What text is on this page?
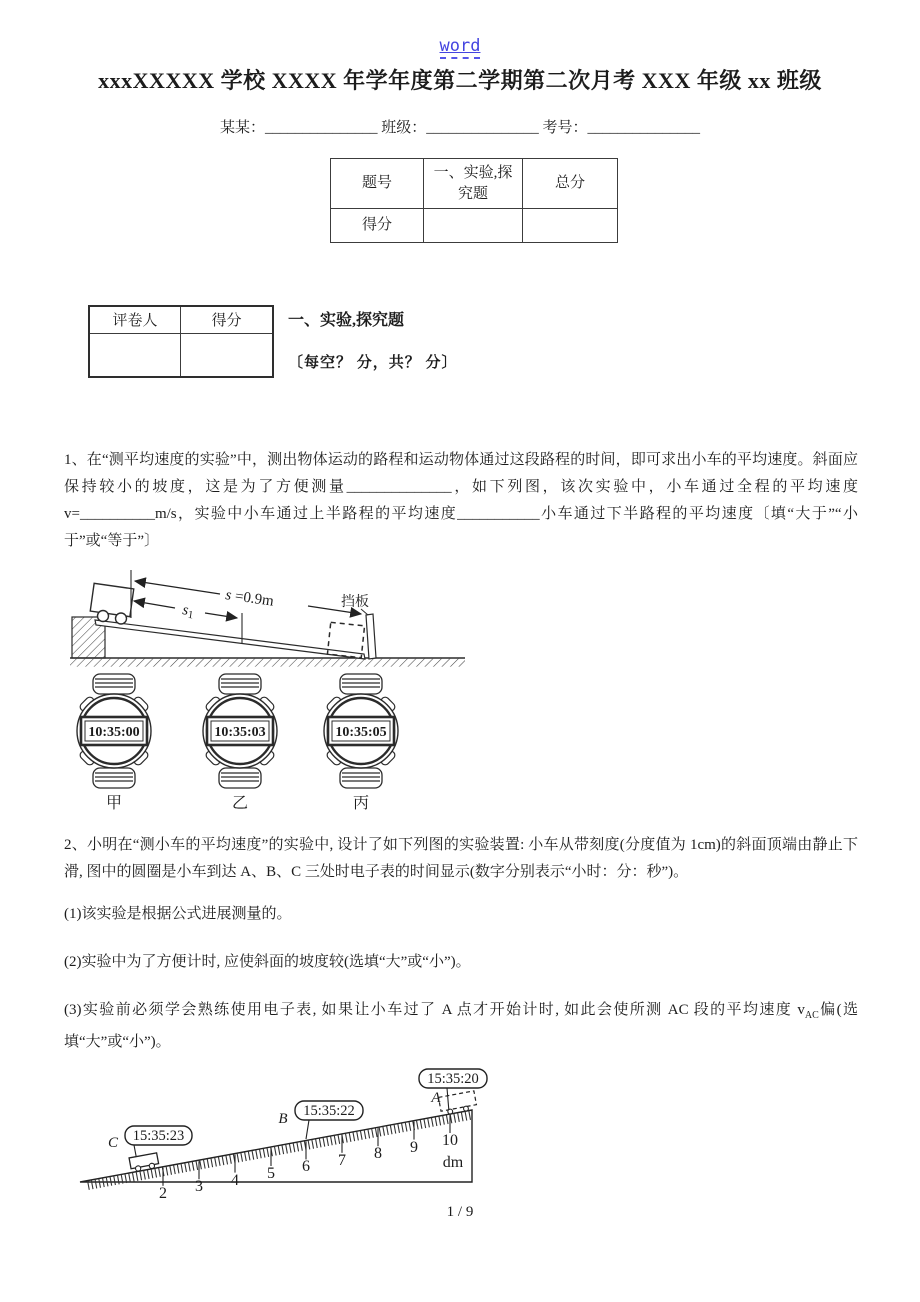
word
xxxXXXXX 学校 XXXX 年学年度第二学期第二次月考 XXX 年级 xx 班级
某某：_______________ 班级：_______________ 考号：_______________
题号	一、实验,探究题	总分
得分		
评卷人	得分
		一、实验,探究题
〔每空？ 分，共？ 分〕
1、在“测平均速度的实验”中，测出物体运动的路程和运动物体通过这段路程的时间，即可求出小车的平均速度。斜面应保持较小的坡度，这是为了方便测量______________，如下列图，该次实验中，小车通过全程的平均速度v=__________m/s，实验中小车通过上半路程的平均速度___________小车通过下半路程的平均速度〔填“大于”“小于”或“等于”〕
s =0.9m
$s_1$
挡板
10:35:00	10:35:03	10:35:05
甲	乙	丙
2、小明在“测小车的平均速度”的实验中, 设计了如下列图的实验装置: 小车从带刻度(分度值为 1cm)的斜面顶端由静止下滑, 图中的圆圈是小车到达 A、B、C 三处时电子表的时间显示(数字分别表示“小时：分：秒”)。
(1)该实验是根据公式进展测量的。
(2)实验中为了方便计时, 应使斜面的坡度较(选填“大”或“小”)。
(3)实验前必须学会熟练使用电子表, 如果让小车过了 A 点才开始计时, 如此会使所测 AC 段的平均速度 $v_{AC}$偏(选填“大”或“小”)。
2 3 4 5 6 7 8 9 10
dm
15:35:23
C
15:35:22
B
15:35:20
A
1 / 9
